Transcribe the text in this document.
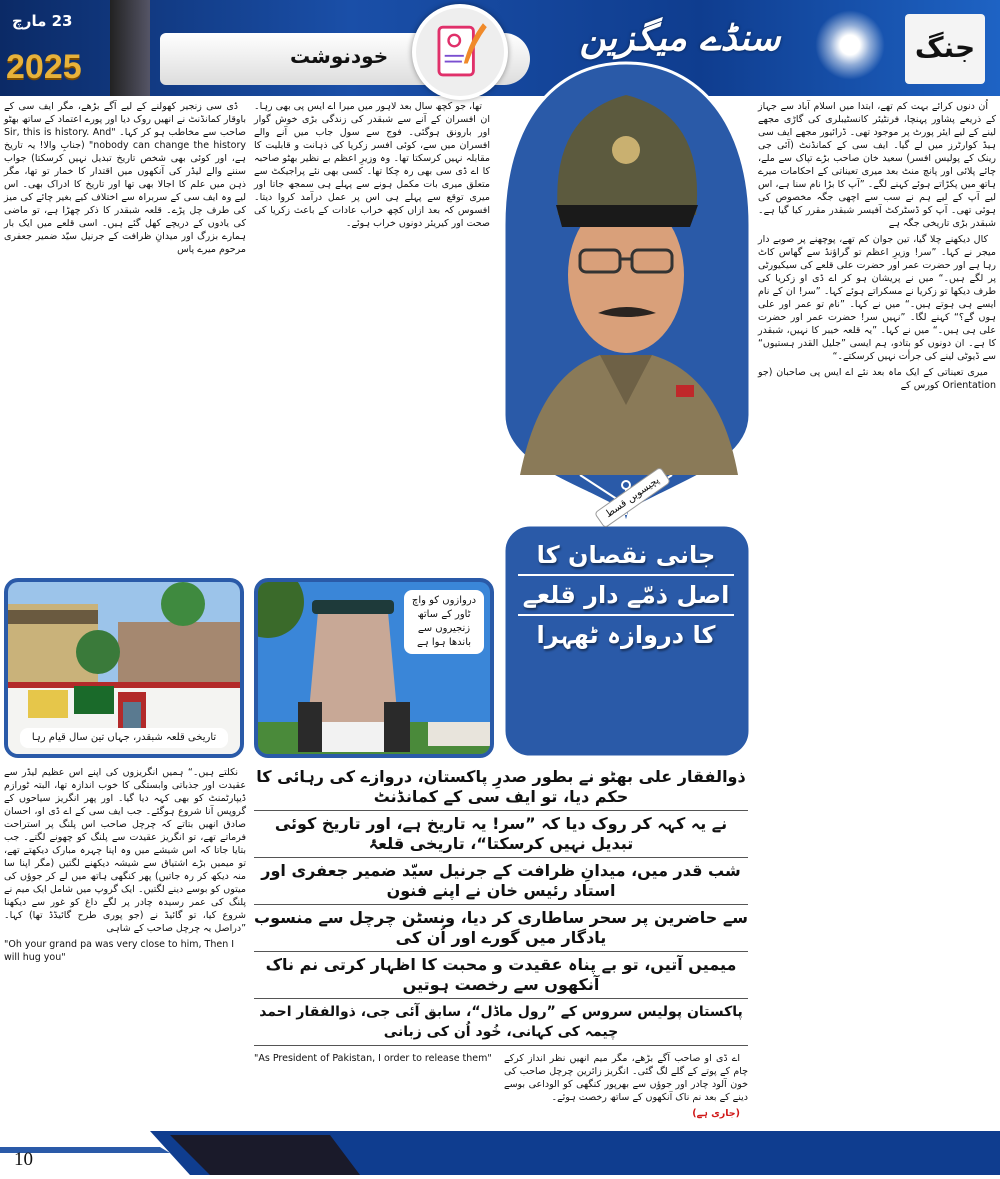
23 مارچ
2025	خودنوشت	سنڈے میگزین	جنگ

اُن دنوں کرائے بہت کم تھے، ابتدا میں اسلام آباد سے جہاز کے ذریعے پشاور پہنچا، فرنٹیئر کانسٹیبلری کی گاڑی مجھے لینے کے لیے ایئر پورٹ پر موجود تھی۔ ڈرائیور مجھے ایف سی ہیڈ کوارٹرز میں لے گیا۔ ایف سی کے کمانڈنٹ (آئی جی رینک کے پولیس افسر) سعید خان صاحب بڑے تپاک سے ملے، چائے پلائی اور پانچ منٹ بعد میری تعیناتی کے احکامات میرے ہاتھ میں پکڑاتے ہوئے کہنے لگے۔ ”آپ کا بڑا نام سنا ہے، اس لیے آپ کے لیے ہم نے سب سے اچھی جگہ مخصوص کی ہوئی تھی۔ آپ کو ڈسٹرکٹ آفیسر شبقدر مقرر کیا گیا ہے۔ شبقدر بڑی تاریخی جگہ ہے

کال دیکھنے چلا گیا، تین جوان کم تھے، پوچھنے پر صوبے دار میجر نے کہا۔ ”سر! وزیرِ اعظم تو گراؤنڈ سے گھاس کاٹ رہا ہے اور حضرت عمر اور حضرت علی قلعے کی سیکیورٹی پر لگے ہیں۔“ میں نے پریشان ہو کر اے ڈی او زکریا کی طرف دیکھا تو زکریا نے مسکراتے ہوئے کہا۔ ”سر! ان کے نام ایسے ہی ہوتے ہیں۔“ میں نے کہا۔ ”نام تو عمر اور علی ہوں گے؟“ کہنے لگا۔ ”نہیں سر! حضرت عمر اور حضرت علی ہی ہیں۔“ میں نے کہا۔ ”یہ قلعہ خیبر کا نہیں، شبقدر کا ہے۔ ان دونوں کو بتادو، ہم ایسی ”جلیل القدر ہستیوں“ سے ڈیوٹی لینے کی جرأت نہیں کرسکتے۔“

میری تعیناتی کے ایک ماہ بعد نئے اے ایس پی صاحبان (جو Orientation کورس کے

تھا، جو کچھ سال بعد لاہور میں میرا اے ایس پی بھی رہا۔ ان افسران کے آنے سے شبقدر کی زندگی بڑی خوش گوار اور بارونق ہوگئی۔ فوج سے سول جاب میں آنے والے افسران میں سے، کوئی افسر زکریا کی ذہانت و قابلیت کا مقابلہ نہیں کرسکتا تھا۔ وہ وزیرِ اعظم بے نظیر بھٹو صاحبہ کا اے ڈی سی بھی رہ چکا تھا۔ کسی بھی نئے پراجیکٹ سے متعلق میری بات مکمل ہونے سے پہلے ہی سمجھ جاتا اور میری توقع سے پہلے ہی اس پر عمل درآمد کروا دیتا۔ افسوس کہ بعد ازاں کچھ خراب عادات کے باعث زکریا کی صحت اور کیریئر دونوں خراب ہوئے۔

ڈی سی زنجیر کھولنے کے لیے آگے بڑھے، مگر ایف سی کے باوقار کمانڈنٹ نے انھیں روک دیا اور پورے اعتماد کے ساتھ بھٹو صاحب سے مخاطب ہو کر کہا۔ "Sir, this is history. And nobody can change the history" (جنابِ والا! یہ تاریخ ہے، اور کوئی بھی شخص تاریخ تبدیل نہیں کرسکتا) جواب سننے والے لیڈر کی آنکھوں میں اقتدار کا خمار تو تھا، مگر ذہن میں علم کا اجالا بھی تھا اور تاریخ کا ادراک بھی۔ اس لیے وہ ایف سی کے سربراہ سے اختلاف کیے بغیر چائے کی میز کی طرف چل پڑے۔ قلعہ شبقدر کا ذکر چھڑا ہے، تو ماضی کی یادوں کے دریچے کھل گئے ہیں۔ اسی قلعے میں ایک بار ہمارے بزرگ اور میدانِ ظرافت کے جرنیل سیّد ضمیر جعفری مرحوم میرے پاس

نکلتے ہیں۔“ ہمیں انگریزوں کی اپنے اس عظیم لیڈر سے عقیدت اور جذباتی وابستگی کا خوب اندازہ تھا، البتہ ٹورازم ڈیپارٹمنٹ کو بھی کہہ دیا گیا۔ اور پھر انگریز سیاحوں کے گروپس آنا شروع ہوگئے۔ جب ایف سی کے اے ڈی او، احسان صادق انھیں بتاتے کہ چرچل صاحب اس پلنگ پر استراحت فرماتے تھے، تو انگریز عقیدت سے پلنگ کو چھونے لگتے۔ جب بتایا جاتا کہ اس شیشے میں وہ اپنا چہرہ مبارک دیکھتے تھے، تو میمیں بڑے اشتیاق سے شیشہ دیکھنے لگتیں (مگر اپنا سا منہ دیکھ کر رہ جاتیں) پھر کنگھی ہاتھ میں لے کر جوؤں کی میتوں کو بوسے دینے لگتیں۔ ایک گروپ میں شامل ایک میم نے پلنگ کی عمر رسیدہ چادر پر لگے داغ کو غور سے دیکھنا شروع کیا، تو گائیڈ نے (جو پوری طرح گائیڈڈ تھا) کہا۔ ”دراصل یہ چرچل صاحب کے شاہی

"Oh your grand pa was very close to him, Then I will hug you"

پچیسویں قسط
جانی نقصان کا
اصل ذمّے دار قلعے
کا دروازہ ٹھہرا
تاریخی قلعہ شبقدر، جہاں تین سال قیام رہا
دروازوں کو واچ ٹاور کے ساتھ زنجیروں سے باندھا ہوا ہے
ذوالفقار علی بھٹو نے بطور صدرِ پاکستان، دروازے کی رہائی کا حکم دیا، تو ایف سی کے کمانڈنٹ
نے یہ کہہ کر روک دیا کہ ”سر! یہ تاریخ ہے، اور تاریخ کوئی تبدیل نہیں کرسکتا“، تاریخی قلعۂ
شب قدر میں، میدانِ ظرافت کے جرنیل سیّد ضمیر جعفری اور استاد رئیس خان نے اپنے فنون
سے حاضرین پر سحر ساطاری کر دیا، ونسٹن چرچل سے منسوب یادگار میں گورے اور اُن کی
میمیں آتیں، تو بے پناہ عقیدت و محبت کا اظہار کرتی نم ناک آنکھوں سے رخصت ہوتیں
پاکستان پولیس سروس کے ”رول ماڈل“، سابق آئی جی، ذوالفقار احمد چیمہ کی کہانی، خُود اُن کی زبانی

اے ڈی او صاحب آگے بڑھے، مگر میم انھیں نظر انداز کرکے چام کے پوتے کے گلے لگ گئی۔ انگریز زائرین چرچل صاحب کی خون آلود چادر اور جوؤں سے بھرپور کنگھی کو الوداعی بوسے دینے کے بعد نم ناک آنکھوں کے ساتھ رخصت ہوئے۔

(جاری ہے)

"As President of Pakistan, I order to release them"

10
